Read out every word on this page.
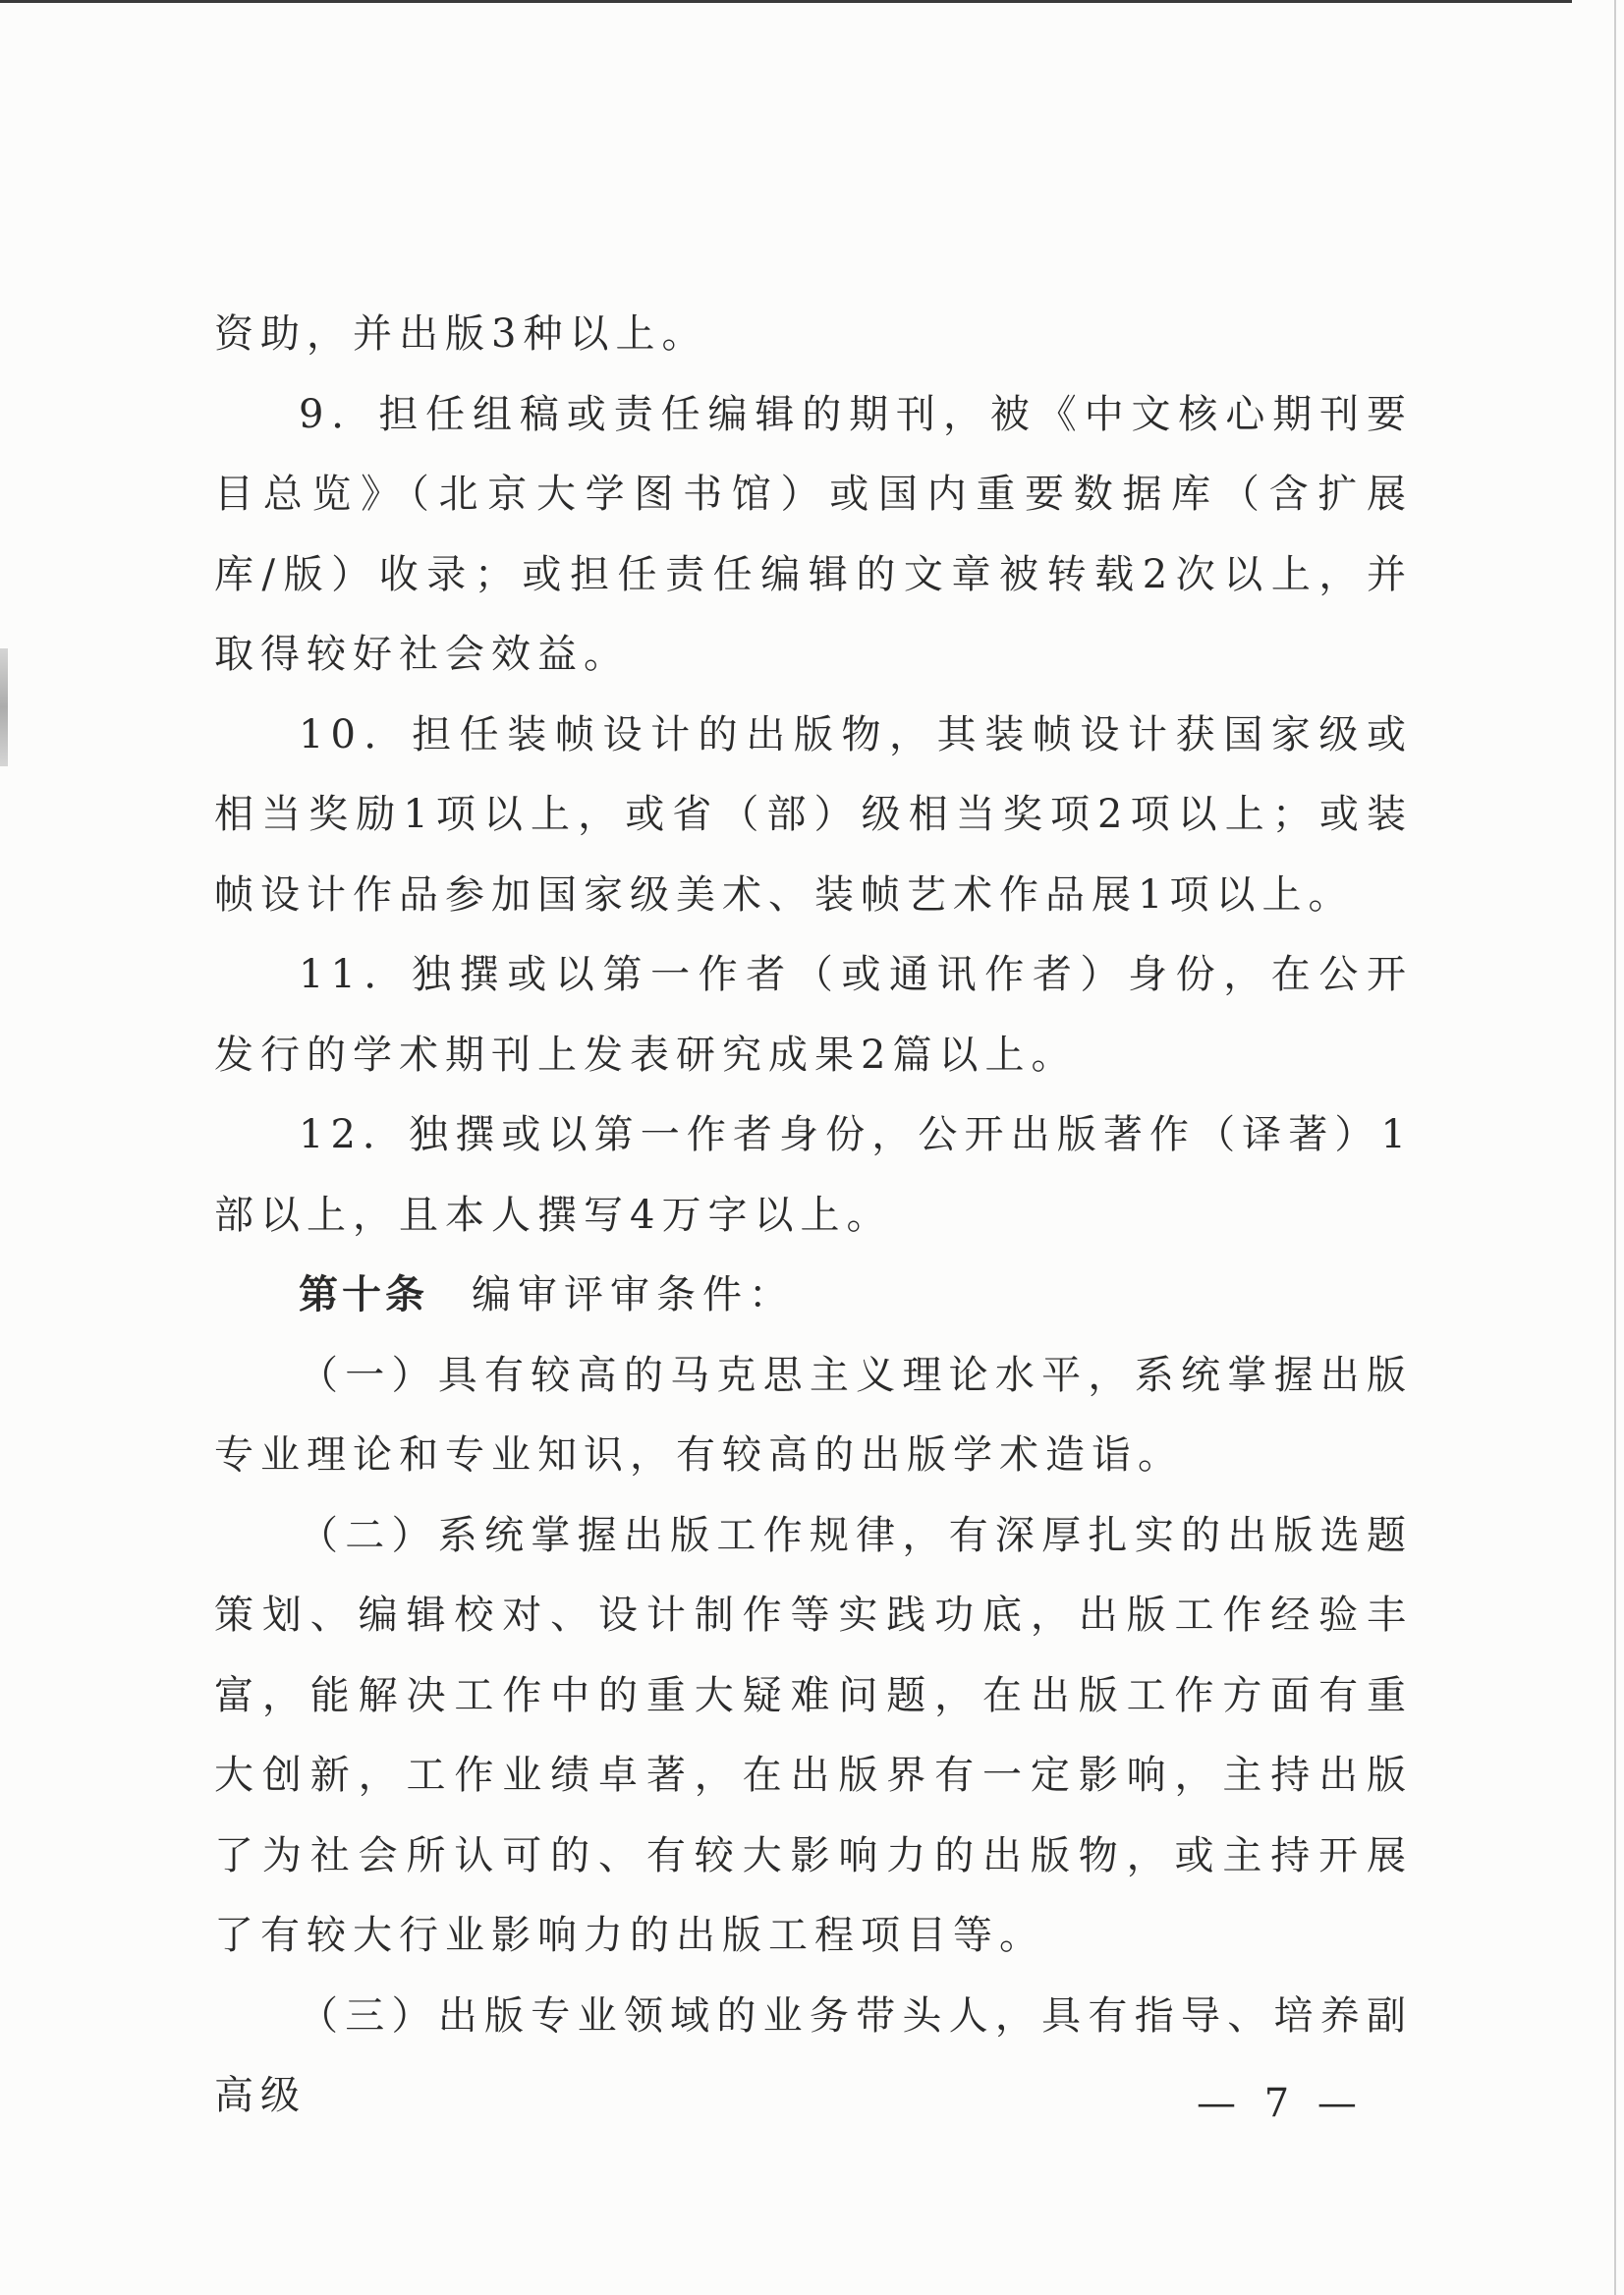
资助，并出版3种以上。

9．担任组稿或责任编辑的期刊，被《中文核心期刊要目总览》（北京大学图书馆）或国内重要数据库（含扩展库/版）收录；或担任责任编辑的文章被转载2次以上，并取得较好社会效益。

10．担任装帧设计的出版物，其装帧设计获国家级或相当奖励1项以上，或省（部）级相当奖项2项以上；或装帧设计作品参加国家级美术、装帧艺术作品展1项以上。

11．独撰或以第一作者（或通讯作者）身份，在公开发行的学术期刊上发表研究成果2篇以上。

12．独撰或以第一作者身份，公开出版著作（译著）1部以上，且本人撰写4万字以上。

第十条 编审评审条件：

（一）具有较高的马克思主义理论水平，系统掌握出版专业理论和专业知识，有较高的出版学术造诣。

（二）系统掌握出版工作规律，有深厚扎实的出版选题策划、编辑校对、设计制作等实践功底，出版工作经验丰富，能解决工作中的重大疑难问题，在出版工作方面有重大创新，工作业绩卓著，在出版界有一定影响，主持出版了为社会所认可的、有较大影响力的出版物，或主持开展了有较大行业影响力的出版工程项目等。

（三）出版专业领域的业务带头人，具有指导、培养副高级	— 7 —
